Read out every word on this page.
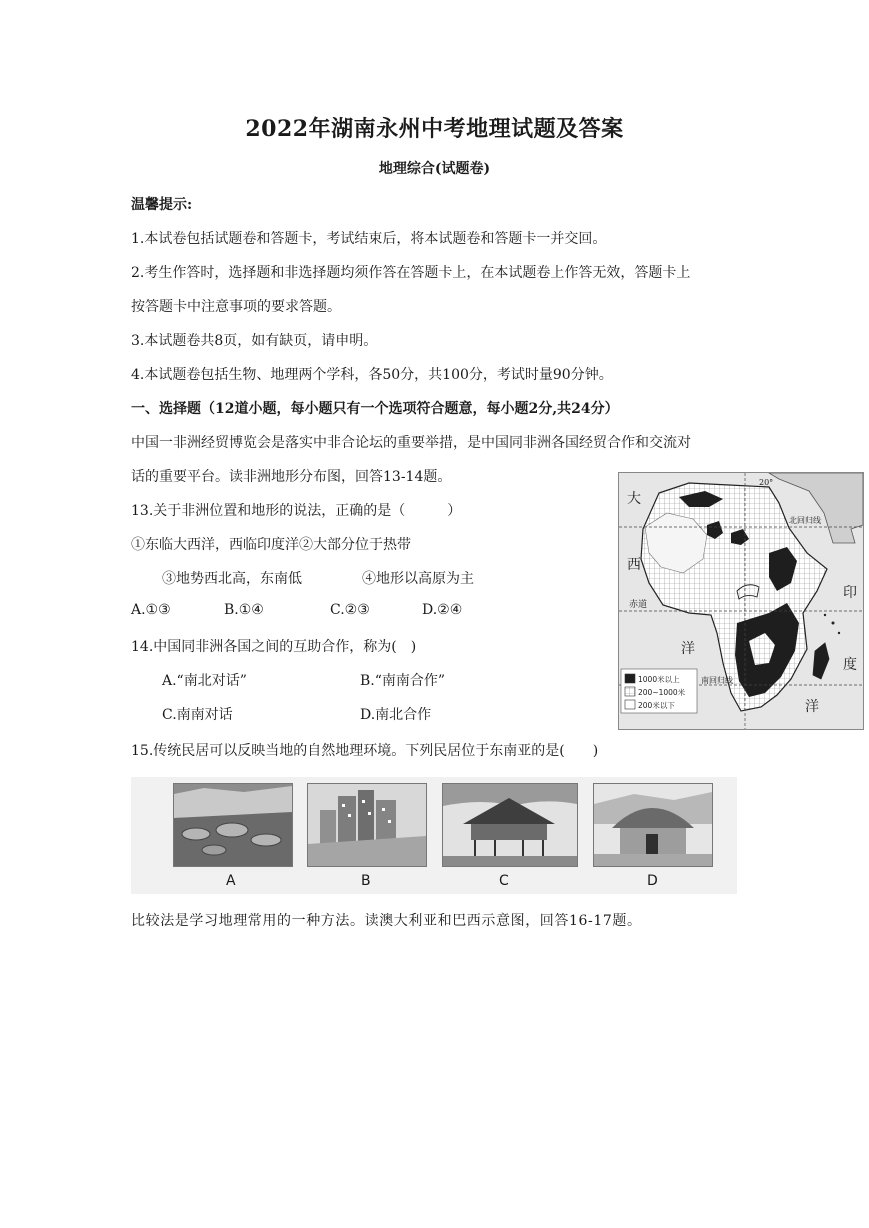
2022年湖南永州中考地理试题及答案
地理综合(试题卷)
温馨提示:
1.本试卷包括试题卷和答题卡，考试结束后，将本试题卷和答题卡一并交回。
2.考生作答时，选择题和非选择题均须作答在答题卡上，在本试题卷上作答无效，答题卡上
按答题卡中注意事项的要求答题。
3.本试题卷共8页，如有缺页，请申明。
4.本试题卷包括生物、地理两个学科，各50分，共100分，考试时量90分钟。
一、选择题（12道小题，每小题只有一个选项符合题意，每小题2分,共24分）
中国一非洲经贸博览会是落实中非合论坛的重要举措，是中国同非洲各国经贸合作和交流对
话的重要平台。读非洲地形分布图，回答13-14题。
13.关于非洲位置和地形的说法，正确的是（　　　）
①东临大西洋，西临印度洋②大部分位于热带
③地势西北高，东南低	④地形以高原为主
A.①③	B.①④	C.②③	D.②④
14.中国同非洲各国之间的互助合作，称为(　)
A.“南北对话”	B.“南南合作”
C.南南对话	D.南北合作
15.传统民居可以反映当地的自然地理环境。下列民居位于东南亚的是(　　)
大
西
洋
印
度
洋
赤道
北回归线
南回归线
20°
1000米以上
200~1000米
200米以下
A	B	C	D
比较法是学习地理常用的一种方法。读澳大利亚和巴西示意图，回答16-17题。
